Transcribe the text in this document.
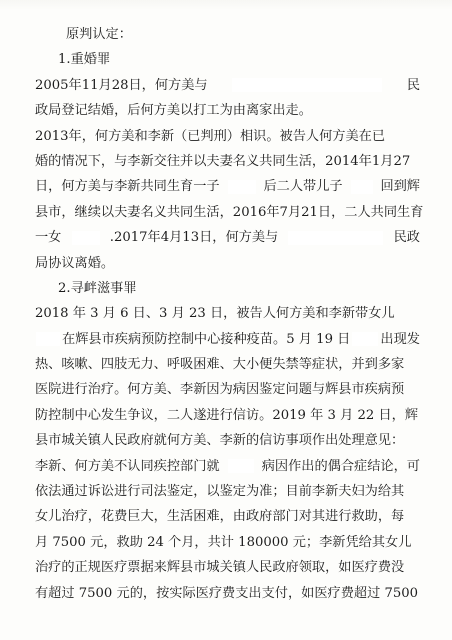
原判认定：
1.重婚罪
2005年11月28日，何方美与	民
政局登记结婚，后何方美以打工为由离家出走。
2013年，何方美和李新（已判刑）相识。被告人何方美在已
婚的情况下，与李新交往并以夫妻名义共同生活，2014年1月27
日，何方美与李新共同生育一子	后二人带儿子	回到辉
县市，继续以夫妻名义共同生活，2016年7月21日，二人共同生育
一女	.2017年4月13日，何方美与	民政
局协议离婚。
2.寻衅滋事罪
2018 年 3 月 6 日、3 月 23 日，被告人何方美和李新带女儿
在辉县市疾病预防控制中心接种疫苗。5 月 19 日 出现发
热、咳嗽、四肢无力、呼吸困难、大小便失禁等症状，并到多家
医院进行治疗。何方美、李新因为病因鉴定问题与辉县市疾病预
防控制中心发生争议，二人遂进行信访。2019 年 3 月 22 日，辉
县市城关镇人民政府就何方美、李新的信访事项作出处理意见：
李新、何方美不认同疾控部门就	病因作出的偶合症结论，可
依法通过诉讼进行司法鉴定，以鉴定为准；目前李新夫妇为给其
女儿治疗，花费巨大，生活困难，由政府部门对其进行救助，每
月 7500 元，救助 24 个月，共计 180000 元；李新凭给其女儿
治疗的正规医疗票据来辉县市城关镇人民政府领取，如医疗费没
有超过 7500 元的，按实际医疗费支出支付，如医疗费超过 7500
